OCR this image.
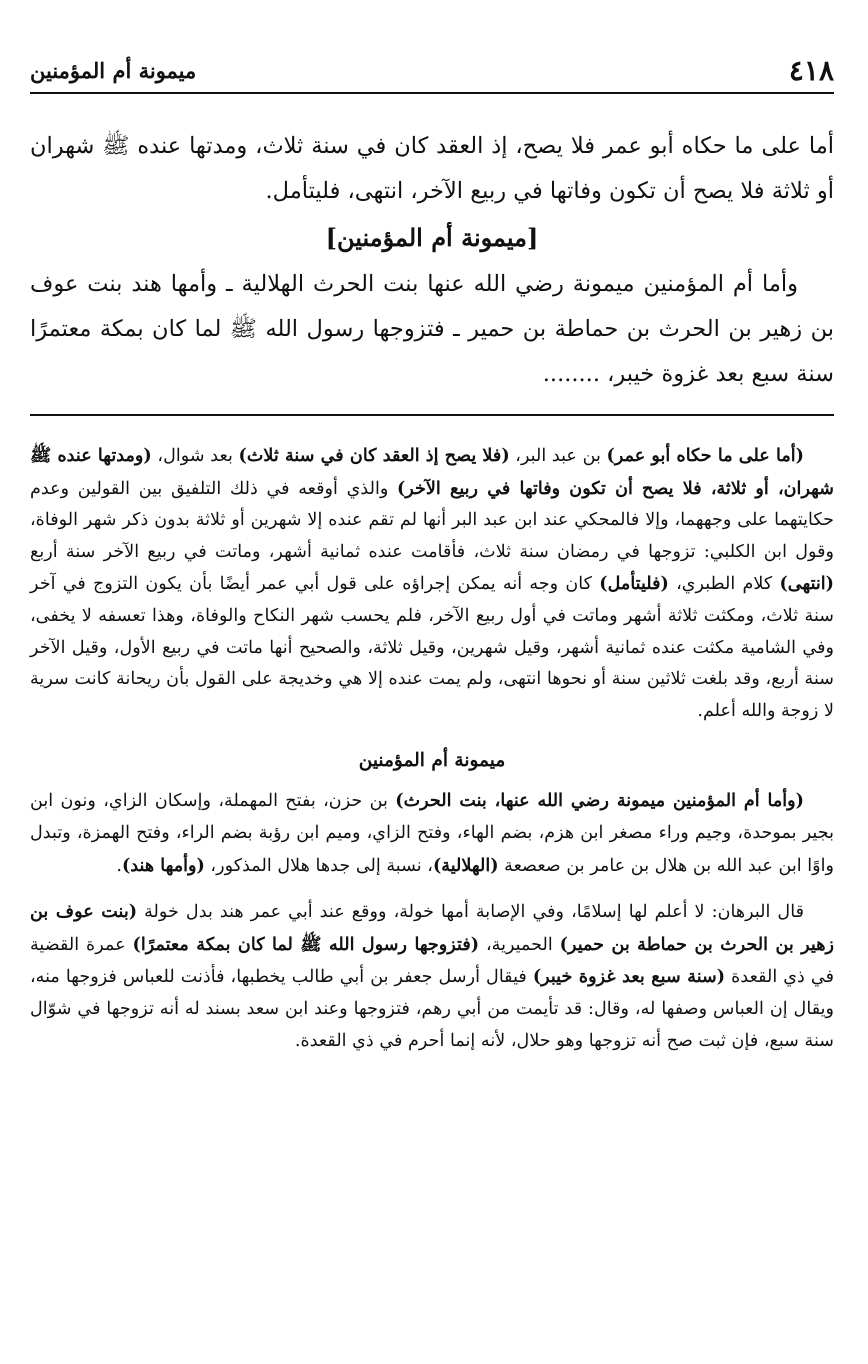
٤١٨
ميمونة أم المؤمنين

أما على ما حكاه أبو عمر فلا يصح، إذ العقد كان في سنة ثلاث، ومدتها عنده ﷺ شهران أو ثلاثة فلا يصح أن تكون وفاتها في ربيع الآخر، انتهى، فليتأمل.

[ميمونة أم المؤمنين]

وأما أم المؤمنين ميمونة رضي الله عنها بنت الحرث الهلالية ـ وأمها هند بنت عوف بن زهير بن الحرث بن حماطة بن حمير ـ فتزوجها رسول الله ﷺ لما كان بمكة معتمرًا سنة سبع بعد غزوة خيبر، ........

(أما على ما حكاه أبو عمر) بن عبد البر، (فلا يصح إذ العقد كان في سنة ثلاث) بعد شوال، (ومدتها عنده ﷺ شهران، أو ثلاثة، فلا يصح أن تكون وفاتها في ربيع الآخر) والذي أوقعه في ذلك التلفيق بين القولين وعدم حكايتهما على وجههما، وإلا فالمحكي عند ابن عبد البر أنها لم تقم عنده إلا شهرين أو ثلاثة بدون ذكر شهر الوفاة، وقول ابن الكلبي: تزوجها في رمضان سنة ثلاث، فأقامت عنده ثمانية أشهر، وماتت في ربيع الآخر سنة أربع (انتهى) كلام الطبري، (فليتأمل) كان وجه أنه يمكن إجراؤه على قول أبي عمر أيضًا بأن يكون التزوج في آخر سنة ثلاث، ومكثت ثلاثة أشهر وماتت في أول ربيع الآخر، فلم يحسب شهر النكاح والوفاة، وهذا تعسفه لا يخفى، وفي الشامية مكثت عنده ثمانية أشهر، وقيل شهرين، وقيل ثلاثة، والصحيح أنها ماتت في ربيع الأول، وقيل الآخر سنة أربع، وقد بلغت ثلاثين سنة أو نحوها انتهى، ولم يمت عنده إلا هي وخديجة على القول بأن ريحانة كانت سرية لا زوجة والله أعلم.

ميمونة أم المؤمنين

(وأما أم المؤمنين ميمونة رضي الله عنها، بنت الحرث) بن حزن، بفتح المهملة، وإسكان الزاي، ونون ابن بجير بموحدة، وجيم وراء مصغر ابن هزم، بضم الهاء، وفتح الزاي، وميم ابن رؤبة بضم الراء، وفتح الهمزة، وتبدل واوًا ابن عبد الله بن هلال بن عامر بن صعصعة (الهلالية)، نسبة إلى جدها هلال المذكور، (وأمها هند).

قال البرهان: لا أعلم لها إسلامًا، وفي الإصابة أمها خولة، ووقع عند أبي عمر هند بدل خولة (بنت عوف بن زهير بن الحرث بن حماطة بن حمير) الحميرية، (فتزوجها رسول الله ﷺ لما كان بمكة معتمرًا) عمرة القضية في ذي القعدة (سنة سبع بعد غزوة خيبر) فيقال أرسل جعفر بن أبي طالب يخطبها، فأذنت للعباس فزوجها منه، ويقال إن العباس وصفها له، وقال: قد تأيمت من أبي رهم، فتزوجها وعند ابن سعد بسند له أنه تزوجها في شوّال سنة سبع، فإن ثبت صح أنه تزوجها وهو حلال، لأنه إنما أحرم في ذي القعدة.
